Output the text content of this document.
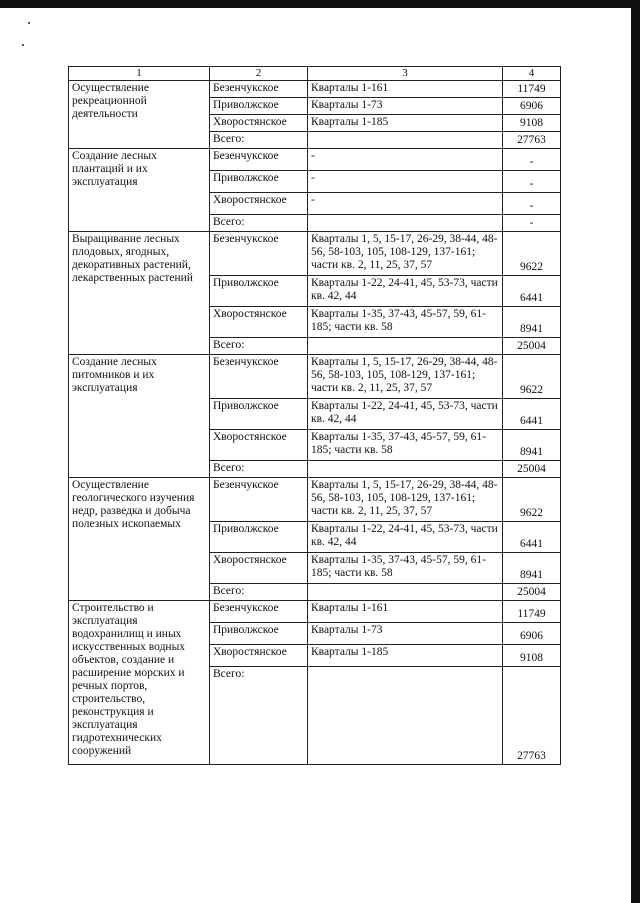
1	2	3	4
Осуществление рекреационной деятельности	Безенчукское	Кварталы 1-161	11749
	Приволжское	Кварталы 1-73	6906
	Хворостянское	Кварталы 1-185	9108
	Всего:		27763
Создание лесных плантаций и их эксплуатация	Безенчукское	-	-
	Приволжское	-	-
	Хворостянское	-	-
	Всего:		-
Выращивание лесных плодовых, ягодных, декоративных растений, лекарственных растений	Безенчукское	Кварталы 1, 5, 15-17, 26-29, 38-44, 48-56, 58-103, 105, 108-129, 137-161; части кв. 2, 11, 25, 37, 57	9622
	Приволжское	Кварталы 1-22, 24-41, 45, 53-73, части кв. 42, 44	6441
	Хворостянское	Кварталы 1-35, 37-43, 45-57, 59, 61-185; части кв. 58	8941
	Всего:		25004
Создание лесных питомников и их эксплуатация	Безенчукское	Кварталы 1, 5, 15-17, 26-29, 38-44, 48-56, 58-103, 105, 108-129, 137-161; части кв. 2, 11, 25, 37, 57	9622
	Приволжское	Кварталы 1-22, 24-41, 45, 53-73, части кв. 42, 44	6441
	Хворостянское	Кварталы 1-35, 37-43, 45-57, 59, 61-185; части кв. 58	8941
	Всего:		25004
Осуществление геологического изучения недр, разведка и добыча полезных ископаемых	Безенчукское	Кварталы 1, 5, 15-17, 26-29, 38-44, 48-56, 58-103, 105, 108-129, 137-161; части кв. 2, 11, 25, 37, 57	9622
	Приволжское	Кварталы 1-22, 24-41, 45, 53-73, части кв. 42, 44	6441
	Хворостянское	Кварталы 1-35, 37-43, 45-57, 59, 61-185; части кв. 58	8941
	Всего:		25004
Строительство и эксплуатация водохранилищ и иных искусственных водных объектов, создание и расширение морских и речных портов, строительство, реконструкция и эксплуатация гидротехнических сооружений	Безенчукское	Кварталы 1-161	11749
	Приволжское	Кварталы 1-73	6906
	Хворостянское	Кварталы 1-185	9108
	Всего:		27763
